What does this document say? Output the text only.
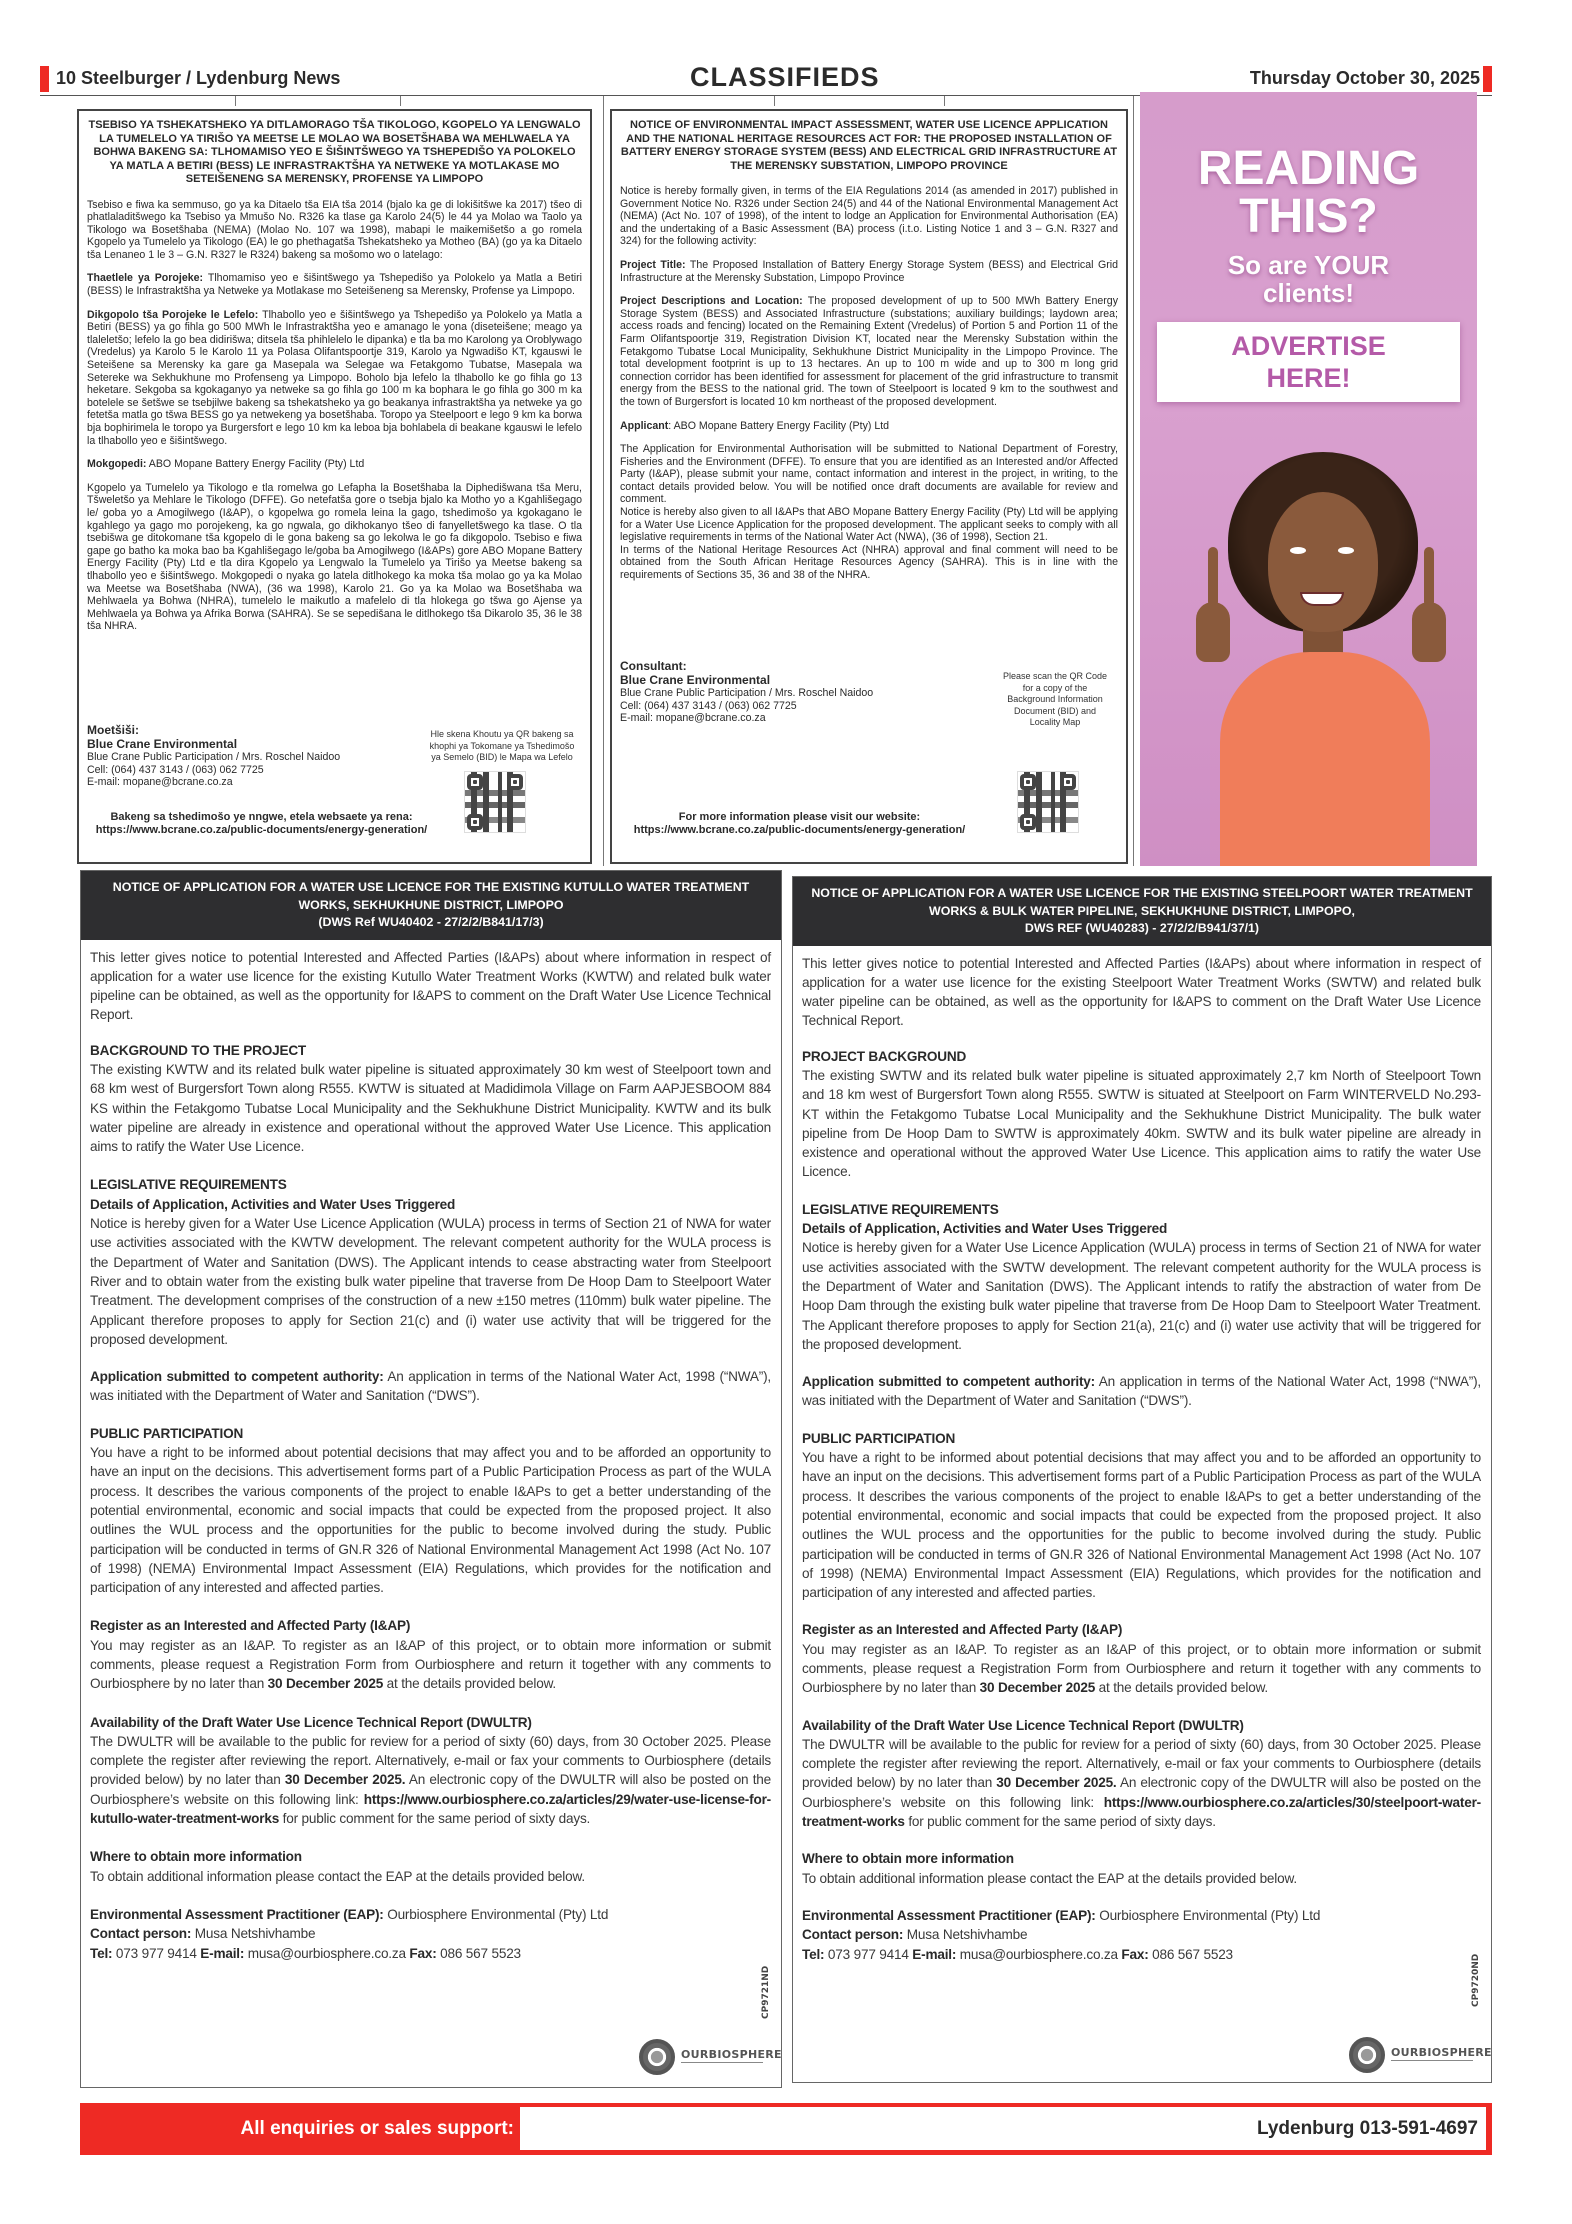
10 Steelburger / Lydenburg News	CLASSIFIEDS	Thursday October 30, 2025
TSEBISO YA TSHEKATSHEKO YA DITLAMORAGO TŠA TIKOLOGO, KGOPELO YA LENGWALO LA TUMELELO YA TIRIŠO YA MEETSE LE MOLAO WA BOSETŠHABA WA MEHLWAELA YA BOHWA BAKENG SA: TLHOMAMISO YEO E ŠIŠINTŠWEGO YA TSHEPEDIŠO YA POLOKELO YA MATLA A BETIRI (BESS) LE INFRASTRAKTŠHA YA NETWEKE YA MOTLAKASE MO SETEIŠENENG SA MERENSKY, PROFENSE YA LIMPOPO

Tsebiso e fiwa ka semmuso, go ya ka Ditaelo tša EIA tša 2014 (bjalo ka ge di lokišitšwe ka 2017) tšeo di phatlaladitšwego ka Tsebiso ya Mmušo No. R326 ka tlase ga Karolo 24(5) le 44 ya Molao wa Taolo ya Tikologo wa Bosetšhaba (NEMA) (Molao No. 107 wa 1998), mabapi le maikemišetšo a go romela Kgopelo ya Tumelelo ya Tikologo (EA) le go phethagatša Tshekatsheko ya Motheo (BA) (go ya ka Ditaelo tša Lenaneo 1 le 3 – G.N. R327 le R324) bakeng sa mošomo wo o latelago:

Thaetlele ya Porojeke: Tlhomamiso yeo e šišintšwego ya Tshepedišo ya Polokelo ya Matla a Betiri (BESS) le Infrastraktšha ya Netweke ya Motlakase mo Seteišeneng sa Merensky, Profense ya Limpopo.

Dikgopolo tša Porojeke le Lefelo: Tlhabollo yeo e šišintšwego ya Tshepedišo ya Polokelo ya Matla a Betiri (BESS) ya go fihla go 500 MWh le Infrastraktšha yeo e amanago le yona (diseteišene; meago ya tlaleletšo; lefelo la go bea didirišwa; ditsela tša phihlelelo le dipanka) e tla ba mo Karolong ya Oroblywago (Vredelus) ya Karolo 5 le Karolo 11 ya Polasa Olifantspoortje 319, Karolo ya Ngwadišo KT, kgauswi le Seteišene sa Merensky ka gare ga Masepala wa Selegae wa Fetakgomo Tubatse, Masepala wa Setereke wa Sekhukhune mo Profenseng ya Limpopo. Boholo bja lefelo la tlhabollo ke go fihla go 13 heketare. Sekgoba sa kgokaganyo ya netweke sa go fihla go 100 m ka bophara le go fihla go 300 m ka botelele se šetšwe se tsebjilwe bakeng sa tshekatsheko ya go beakanya infrastraktšha ya netweke ya go fetetša matla go tšwa BESS go ya netwekeng ya bosetšhaba. Toropo ya Steelpoort e lego 9 km ka borwa bja bophirimela le toropo ya Burgersfort e lego 10 km ka leboa bja bohlabela di beakane kgauswi le lefelo la tlhabollo yeo e šišintšwego.

Mokgopedi: ABO Mopane Battery Energy Facility (Pty) Ltd

Kgopelo ya Tumelelo ya Tikologo e tla romelwa go Lefapha la Bosetšhaba la Diphedišwana tša Meru, Tšweletšo ya Mehlare le Tikologo (DFFE). Go netefatša gore o tsebja bjalo ka Motho yo a Kgahlišegago le/ goba yo a Amogilwego (I&AP), o kgopelwa go romela leina la gago, tshedimošo ya kgokagano le kgahlego ya gago mo porojekeng, ka go ngwala, go dikhokanyo tšeo di fanyelletšwego ka tlase. O tla tsebišwa ge ditokomane tša kgopelo di le gona bakeng sa go lekolwa le go fa dikgopolo. Tsebiso e fiwa gape go batho ka moka bao ba Kgahlišegago le/goba ba Amogilwego (I&APs) gore ABO Mopane Battery Energy Facility (Pty) Ltd e tla dira Kgopelo ya Lengwalo la Tumelelo ya Tirišo ya Meetse bakeng sa tlhabollo yeo e šišintšwego. Mokgopedi o nyaka go latela ditlhokego ka moka tša molao go ya ka Molao wa Meetse wa Bosetšhaba (NWA), (36 wa 1998), Karolo 21. Go ya ka Molao wa Bosetšhaba wa Mehlwaela ya Bohwa (NHRA), tumelelo le maikutlo a mafelelo di tla hlokega go tšwa go Ajense ya Mehlwaela ya Bohwa ya Afrika Borwa (SAHRA). Se se sepedišana le ditlhokego tša Dikarolo 35, 36 le 38 tša NHRA.

Moetšiši:
Blue Crane Environmental
Blue Crane Public Participation / Mrs. Roschel Naidoo
Cell: (064) 437 3143 / (063) 062 7725
E-mail: mopane@bcrane.co.za
Hle skena Khoutu ya QR bakeng sa khophi ya Tokomane ya Tshedimošo ya Semelo (BID) le Mapa wa Lefelo
Bakeng sa tshedimošo ye nngwe, etela websaete ya rena:
https://www.bcrane.co.za/public-documents/energy-generation/
NOTICE OF ENVIRONMENTAL IMPACT ASSESSMENT, WATER USE LICENCE APPLICATION AND THE NATIONAL HERITAGE RESOURCES ACT FOR: THE PROPOSED INSTALLATION OF BATTERY ENERGY STORAGE SYSTEM (BESS) AND ELECTRICAL GRID INFRASTRUCTURE AT THE MERENSKY SUBSTATION, LIMPOPO PROVINCE

Notice is hereby formally given, in terms of the EIA Regulations 2014 (as amended in 2017) published in Government Notice No. R326 under Section 24(5) and 44 of the National Environmental Management Act (NEMA) (Act No. 107 of 1998), of the intent to lodge an Application for Environmental Authorisation (EA) and the undertaking of a Basic Assessment (BA) process (i.t.o. Listing Notice 1 and 3 – G.N. R327 and 324) for the following activity:

Project Title: The Proposed Installation of Battery Energy Storage System (BESS) and Electrical Grid Infrastructure at the Merensky Substation, Limpopo Province

Project Descriptions and Location: The proposed development of up to 500 MWh Battery Energy Storage System (BESS) and Associated Infrastructure (substations; auxiliary buildings; laydown area; access roads and fencing) located on the Remaining Extent (Vredelus) of Portion 5 and Portion 11 of the Farm Olifantspoortje 319, Registration Division KT, located near the Merensky Substation within the Fetakgomo Tubatse Local Municipality, Sekhukhune District Municipality in the Limpopo Province. The total development footprint is up to 13 hectares. An up to 100 m wide and up to 300 m long grid connection corridor has been identified for assessment for placement of the grid infrastructure to transmit energy from the BESS to the national grid. The town of Steelpoort is located 9 km to the southwest and the town of Burgersfort is located 10 km northeast of the proposed development.

Applicant: ABO Mopane Battery Energy Facility (Pty) Ltd

The Application for Environmental Authorisation will be submitted to National Department of Forestry, Fisheries and the Environment (DFFE). To ensure that you are identified as an Interested and/or Affected Party (I&AP), please submit your name, contact information and interest in the project, in writing, to the contact details provided below. You will be notified once draft documents are available for review and comment.

Notice is hereby also given to all I&APs that ABO Mopane Battery Energy Facility (Pty) Ltd will be applying for a Water Use Licence Application for the proposed development. The applicant seeks to comply with all legislative requirements in terms of the National Water Act (NWA), (36 of 1998), Section 21.

In terms of the National Heritage Resources Act (NHRA) approval and final comment will need to be obtained from the South African Heritage Resources Agency (SAHRA). This is in line with the requirements of Sections 35, 36 and 38 of the NHRA.

Consultant:
Blue Crane Environmental
Blue Crane Public Participation / Mrs. Roschel Naidoo
Cell: (064) 437 3143 / (063) 062 7725
E-mail: mopane@bcrane.co.za
Please scan the QR Code for a copy of the Background Information Document (BID) and Locality Map
For more information please visit our website:
https://www.bcrane.co.za/public-documents/energy-generation/
READING
THIS?
So are YOUR
clients!
ADVERTISE
HERE!
NOTICE OF APPLICATION FOR A WATER USE LICENCE FOR THE EXISTING KUTULLO WATER TREATMENT WORKS, SEKHUKHUNE DISTRICT, LIMPOPO
(DWS Ref WU40402 - 27/2/2/B841/17/3)

This letter gives notice to potential Interested and Affected Parties (I&APs) about where information in respect of application for a water use licence for the existing Kutullo Water Treatment Works (KWTW) and related bulk water pipeline can be obtained, as well as the opportunity for I&APS to comment on the Draft Water Use Licence Technical Report.

BACKGROUND TO THE PROJECT

The existing KWTW and its related bulk water pipeline is situated approximately 30 km west of Steelpoort town and 68 km west of Burgersfort Town along R555. KWTW is situated at Madidimola Village on Farm AAPJESBOOM 884 KS within the Fetakgomo Tubatse Local Municipality and the Sekhukhune District Municipality. KWTW and its bulk water pipeline are already in existence and operational without the approved Water Use Licence. This application aims to ratify the Water Use Licence.

LEGISLATIVE REQUIREMENTS
Details of Application, Activities and Water Uses Triggered

Notice is hereby given for a Water Use Licence Application (WULA) process in terms of Section 21 of NWA for water use activities associated with the KWTW development. The relevant competent authority for the WULA process is the Department of Water and Sanitation (DWS). The Applicant intends to cease abstracting water from Steelpoort River and to obtain water from the existing bulk water pipeline that traverse from De Hoop Dam to Steelpoort Water Treatment. The development comprises of the construction of a new ±150 metres (110mm) bulk water pipeline. The Applicant therefore proposes to apply for Section 21(c) and (i) water use activity that will be triggered for the proposed development.

Application submitted to competent authority: An application in terms of the National Water Act, 1998 (“NWA”), was initiated with the Department of Water and Sanitation (“DWS”).

PUBLIC PARTICIPATION

You have a right to be informed about potential decisions that may affect you and to be afforded an opportunity to have an input on the decisions. This advertisement forms part of a Public Participation Process as part of the WULA process. It describes the various components of the project to enable I&APs to get a better understanding of the potential environmental, economic and social impacts that could be expected from the proposed project. It also outlines the WUL process and the opportunities for the public to become involved during the study. Public participation will be conducted in terms of GN.R 326 of National Environmental Management Act 1998 (Act No. 107 of 1998) (NEMA) Environmental Impact Assessment (EIA) Regulations, which provides for the notification and participation of any interested and affected parties.

Register as an Interested and Affected Party (I&AP)

You may register as an I&AP. To register as an I&AP of this project, or to obtain more information or submit comments, please request a Registration Form from Ourbiosphere and return it together with any comments to Ourbiosphere by no later than 30 December 2025 at the details provided below.

Availability of the Draft Water Use Licence Technical Report (DWULTR)

The DWULTR will be available to the public for review for a period of sixty (60) days, from 30 October 2025. Please complete the register after reviewing the report. Alternatively, e-mail or fax your comments to Ourbiosphere (details provided below) by no later than 30 December 2025. An electronic copy of the DWULTR will also be posted on the Ourbiosphere’s website on this following link: https://www.ourbiosphere.co.za/articles/29/water-use-license-for-kutullo-water-treatment-works for public comment for the same period of sixty days.

Where to obtain more information

To obtain additional information please contact the EAP at the details provided below.

Environmental Assessment Practitioner (EAP): Ourbiosphere Environmental (Pty) Ltd

Contact person: Musa Netshivhambe

Tel: 073 977 9414 E-mail: musa@ourbiosphere.co.za Fax: 086 567 5523

CP9721ND
OURBIOSPHERE
NOTICE OF APPLICATION FOR A WATER USE LICENCE FOR THE EXISTING STEELPOORT WATER TREATMENT WORKS & BULK WATER PIPELINE, SEKHUKHUNE DISTRICT, LIMPOPO,
DWS REF (WU40283) - 27/2/2/B941/37/1)

This letter gives notice to potential Interested and Affected Parties (I&APs) about where information in respect of application for a water use licence for the existing Steelpoort Water Treatment Works (SWTW) and related bulk water pipeline can be obtained, as well as the opportunity for I&APS to comment on the Draft Water Use Licence Technical Report.

PROJECT BACKGROUND

The existing SWTW and its related bulk water pipeline is situated approximately 2,7 km North of Steelpoort Town and 18 km west of Burgersfort Town along R555. SWTW is situated at Steelpoort on Farm WINTERVELD No.293-KT within the Fetakgomo Tubatse Local Municipality and the Sekhukhune District Municipality. The bulk water pipeline from De Hoop Dam to SWTW is approximately 40km. SWTW and its bulk water pipeline are already in existence and operational without the approved Water Use Licence. This application aims to ratify the water Use Licence.

LEGISLATIVE REQUIREMENTS
Details of Application, Activities and Water Uses Triggered

Notice is hereby given for a Water Use Licence Application (WULA) process in terms of Section 21 of NWA for water use activities associated with the SWTW development. The relevant competent authority for the WULA process is the Department of Water and Sanitation (DWS). The Applicant intends to ratify the abstraction of water from De Hoop Dam through the existing bulk water pipeline that traverse from De Hoop Dam to Steelpoort Water Treatment. The Applicant therefore proposes to apply for Section 21(a), 21(c) and (i) water use activity that will be triggered for the proposed development.

Application submitted to competent authority: An application in terms of the National Water Act, 1998 (“NWA”), was initiated with the Department of Water and Sanitation (“DWS”).

PUBLIC PARTICIPATION

You have a right to be informed about potential decisions that may affect you and to be afforded an opportunity to have an input on the decisions. This advertisement forms part of a Public Participation Process as part of the WULA process. It describes the various components of the project to enable I&APs to get a better understanding of the potential environmental, economic and social impacts that could be expected from the proposed project. It also outlines the WUL process and the opportunities for the public to become involved during the study. Public participation will be conducted in terms of GN.R 326 of National Environmental Management Act 1998 (Act No. 107 of 1998) (NEMA) Environmental Impact Assessment (EIA) Regulations, which provides for the notification and participation of any interested and affected parties.

Register as an Interested and Affected Party (I&AP)

You may register as an I&AP. To register as an I&AP of this project, or to obtain more information or submit comments, please request a Registration Form from Ourbiosphere and return it together with any comments to Ourbiosphere by no later than 30 December 2025 at the details provided below.

Availability of the Draft Water Use Licence Technical Report (DWULTR)

The DWULTR will be available to the public for review for a period of sixty (60) days, from 30 October 2025. Please complete the register after reviewing the report. Alternatively, e-mail or fax your comments to Ourbiosphere (details provided below) by no later than 30 December 2025. An electronic copy of the DWULTR will also be posted on the Ourbiosphere’s website on this following link: https://www.ourbiosphere.co.za/articles/30/steelpoort-water-treatment-works for public comment for the same period of sixty days.

Where to obtain more information

To obtain additional information please contact the EAP at the details provided below.

Environmental Assessment Practitioner (EAP): Ourbiosphere Environmental (Pty) Ltd

Contact person: Musa Netshivhambe

Tel: 073 977 9414 E-mail: musa@ourbiosphere.co.za Fax: 086 567 5523	CP9720ND
OURBIOSPHERE
All enquiries or sales support:	Lydenburg 013-591-4697
